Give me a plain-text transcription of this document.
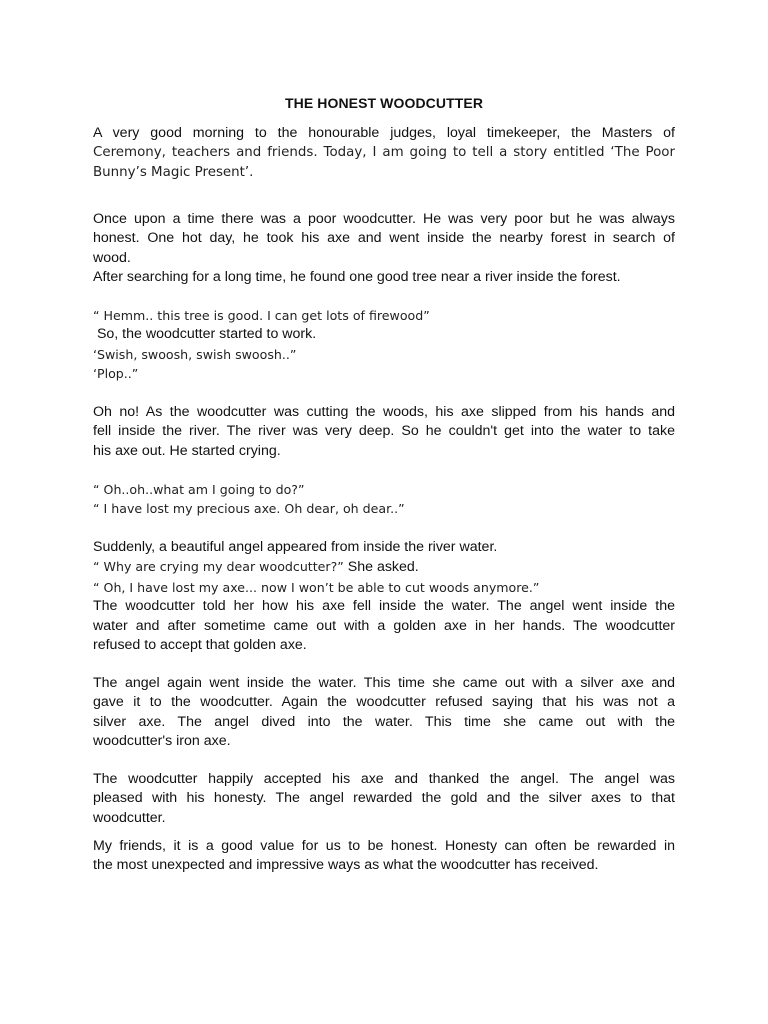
THE HONEST WOODCUTTER
A very good morning to the honourable judges, loyal timekeeper, the Masters of
Ceremony, teachers and friends. Today, I am going to tell a story entitled ‘The Poor
Bunny’s Magic Present’.
Once upon a time there was a poor woodcutter. He was very poor but he was always
honest. One hot day, he took his axe and went inside the nearby forest in search of
wood.
After searching for a long time, he found one good tree near a river inside the forest.
“ Hemm.. this tree is good. I can get lots of firewood”
So, the woodcutter started to work.
‘Swish, swoosh, swish swoosh..”
‘Plop..”
Oh no! As the woodcutter was cutting the woods, his axe slipped from his hands and
fell inside the river. The river was very deep. So he couldn't get into the water to take
his axe out. He started crying.
“ Oh..oh..what am I going to do?”
“ I have lost my precious axe. Oh dear, oh dear..”
Suddenly, a beautiful angel appeared from inside the river water.
“ Why are crying my dear woodcutter?” She asked.
“ Oh, I have lost my axe... now I won’t be able to cut woods anymore.”
The woodcutter told her how his axe fell inside the water. The angel went inside the
water and after sometime came out with a golden axe in her hands. The woodcutter
refused to accept that golden axe.
The angel again went inside the water. This time she came out with a silver axe and
gave it to the woodcutter. Again the woodcutter refused saying that his was not a
silver axe. The angel dived into the water. This time she came out with the
woodcutter's iron axe.
The woodcutter happily accepted his axe and thanked the angel. The angel was
pleased with his honesty. The angel rewarded the gold and the silver axes to that
woodcutter.
My friends, it is a good value for us to be honest. Honesty can often be rewarded in
the most unexpected and impressive ways as what the woodcutter has received.
